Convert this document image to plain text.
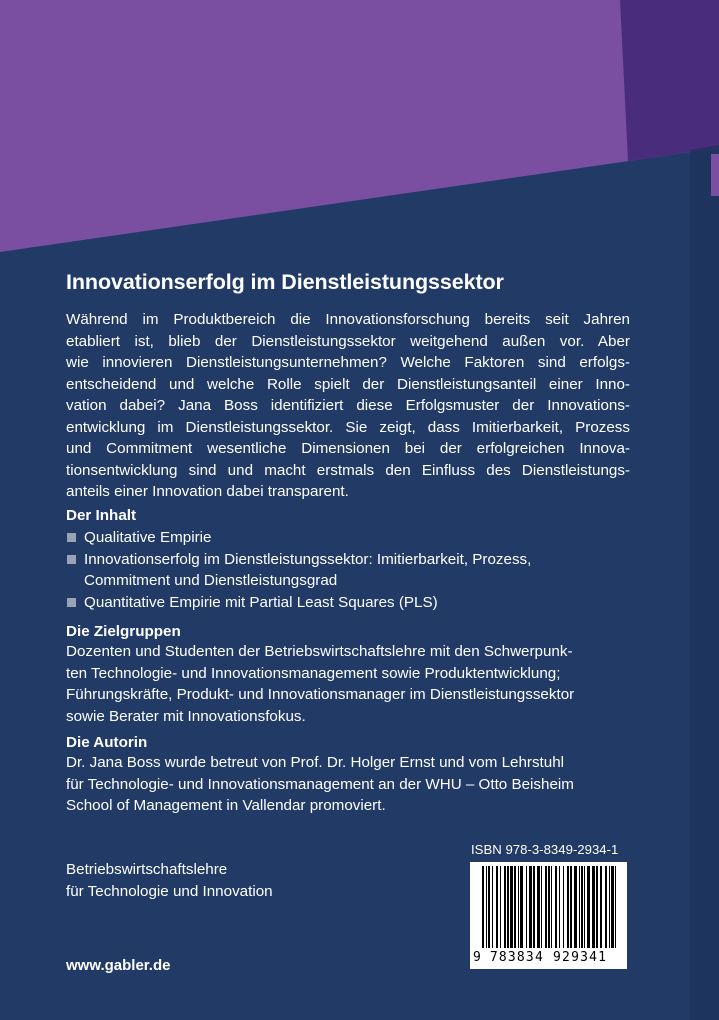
Innovationserfolg im Dienstleistungssektor
Während im Produktbereich die Innovationsforschung bereits seit Jahren
etabliert ist, blieb der Dienstleistungssektor weitgehend außen vor. Aber
wie innovieren Dienstleistungsunternehmen? Welche Faktoren sind erfolgs-
entscheidend und welche Rolle spielt der Dienstleistungsanteil einer Inno-
vation dabei? Jana Boss identifiziert diese Erfolgsmuster der Innovations-
entwicklung im Dienstleistungssektor. Sie zeigt, dass Imitierbarkeit, Prozess
und Commitment wesentliche Dimensionen bei der erfolgreichen Innova-
tionsentwicklung sind und macht erstmals den Einfluss des Dienstleistungs-
anteils einer Innovation dabei transparent.
Der Inhalt
Qualitative Empirie
Innovationserfolg im Dienstleistungssektor: Imitierbarkeit, Prozess,
Commitment und Dienstleistungsgrad
Quantitative Empirie mit Partial Least Squares (PLS)
Die Zielgruppen
Dozenten und Studenten der Betriebswirtschaftslehre mit den Schwerpunk-
ten Technologie- und Innovationsmanagement sowie Produktentwicklung;
Führungskräfte, Produkt- und Innovationsmanager im Dienstleistungssektor
sowie Berater mit Innovationsfokus.
Die Autorin
Dr. Jana Boss wurde betreut von Prof. Dr. Holger Ernst und vom Lehrstuhl
für Technologie- und Innovationsmanagement an der WHU – Otto Beisheim
School of Management in Vallendar promoviert.
Betriebswirtschaftslehre
für Technologie und Innovation
www.gabler.de
ISBN 978-3-8349-2934-1
9 783834 929341
